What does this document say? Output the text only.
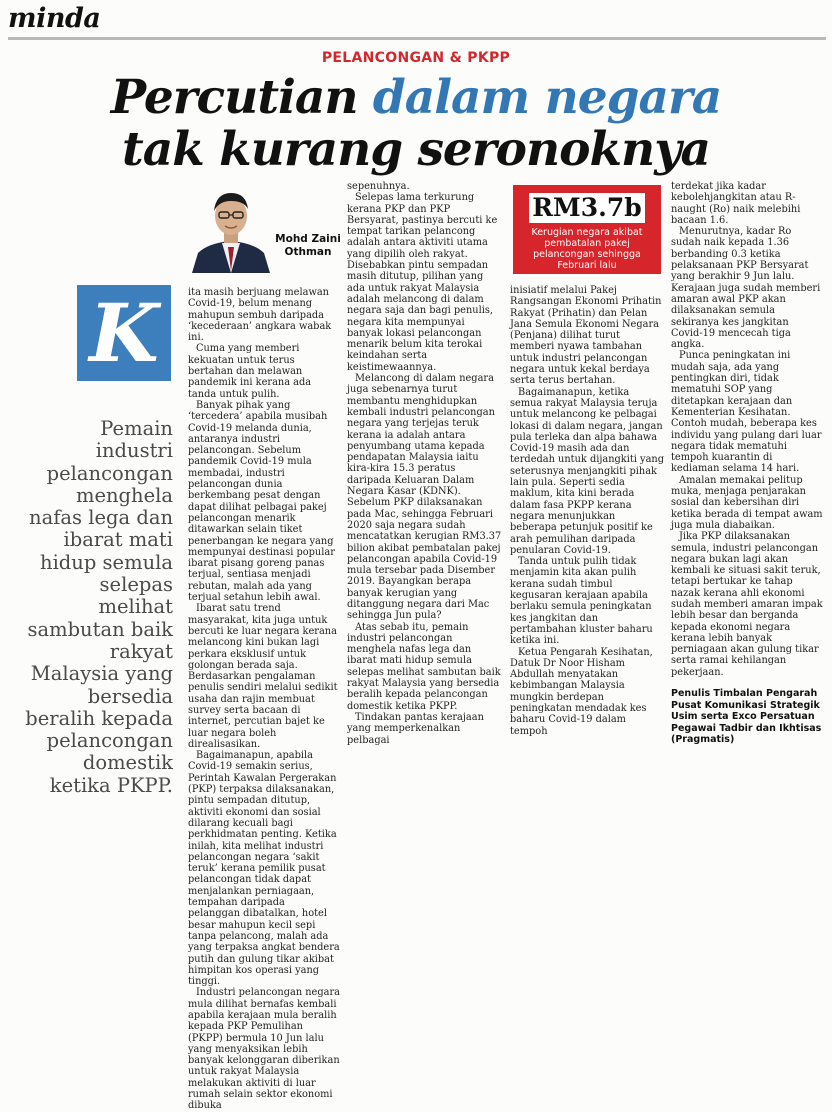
minda
PELANCONGAN & PKPP
Percutian dalam negara
tak kurang seronoknya
Mohd Zaini
Othman
K
Pemain industri pelancongan menghela nafas lega dan ibarat mati hidup semula selepas melihat sambutan baik rakyat Malaysia yang bersedia beralih kepada pelancongan domestik ketika PKPP.

ita masih berjuang melawan Covid-19, belum menang mahupun sembuh daripada ‘kecederaan’ angkara wabak ini.

Cuma yang memberi kekuatan untuk terus bertahan dan melawan pandemik ini kerana ada tanda untuk pulih.

Banyak pihak yang ‘tercedera’ apabila musibah Covid-19 melanda dunia, antaranya industri pelancongan. Sebelum pandemik Covid-19 mula membadai, industri pelancongan dunia berkembang pesat dengan dapat dilihat pelbagai pakej pelancongan menarik ditawarkan selain tiket penerbangan ke negara yang mempunyai destinasi popular ibarat pisang goreng panas terjual, sentiasa menjadi rebutan, malah ada yang terjual setahun lebih awal.

Ibarat satu trend masyarakat, kita juga untuk bercuti ke luar negara kerana melancong kini bukan lagi perkara eksklusif untuk golongan berada saja. Berdasarkan pengalaman penulis sendiri melalui sedikit usaha dan rajin membuat survey serta bacaan di internet, percutian bajet ke luar negara boleh direalisasikan.

Bagaimanapun, apabila Covid-19 semakin serius, Perintah Kawalan Pergerakan (PKP) terpaksa dilaksanakan, pintu sempadan ditutup, aktiviti ekonomi dan sosial dilarang kecuali bagi perkhidmatan penting. Ketika inilah, kita melihat industri pelancongan negara ‘sakit teruk’ kerana pemilik pusat pelancongan tidak dapat menjalankan perniagaan, tempahan daripada pelanggan dibatalkan, hotel besar mahupun kecil sepi tanpa pelancong, malah ada yang terpaksa angkat bendera putih dan gulung tikar akibat himpitan kos operasi yang tinggi.

Industri pelancongan negara mula dilihat bernafas kembali apabila kerajaan mula beralih kepada PKP Pemulihan (PKPP) bermula 10 Jun lalu yang menyaksikan lebih banyak kelonggaran diberikan untuk rakyat Malaysia melakukan aktiviti di luar rumah selain sektor ekonomi dibuka

sepenuhnya.

Selepas lama terkurung kerana PKP dan PKP Bersyarat, pastinya bercuti ke tempat tarikan pelancong adalah antara aktiviti utama yang dipilih oleh rakyat. Disebabkan pintu sempadan masih ditutup, pilihan yang ada untuk rakyat Malaysia adalah melancong di dalam negara saja dan bagi penulis, negara kita mempunyai banyak lokasi pelancongan menarik belum kita terokai keindahan serta keistimewaannya.

Melancong di dalam negara juga sebenarnya turut membantu menghidupkan kembali industri pelancongan negara yang terjejas teruk kerana ia adalah antara penyumbang utama kepada pendapatan Malaysia iaitu kira-kira 15.3 peratus daripada Keluaran Dalam Negara Kasar (KDNK). Sebelum PKP dilaksanakan pada Mac, sehingga Februari 2020 saja negara sudah mencatatkan kerugian RM3.37 bilion akibat pembatalan pakej pelancongan apabila Covid-19 mula tersebar pada Disember 2019. Bayangkan berapa banyak kerugian yang ditanggung negara dari Mac sehingga Jun pula?

Atas sebab itu, pemain industri pelancongan menghela nafas lega dan ibarat mati hidup semula selepas melihat sambutan baik rakyat Malaysia yang bersedia beralih kepada pelancongan domestik ketika PKPP.

Tindakan pantas kerajaan yang memperkenalkan pelbagai

RM3.7b
Kerugian negara akibat
pembatalan pakej
pelancongan sehingga
Februari lalu

inisiatif melalui Pakej Rangsangan Ekonomi Prihatin Rakyat (Prihatin) dan Pelan Jana Semula Ekonomi Negara (Penjana) dilihat turut memberi nyawa tambahan untuk industri pelancongan negara untuk kekal berdaya serta terus bertahan.

Bagaimanapun, ketika semua rakyat Malaysia teruja untuk melancong ke pelbagai lokasi di dalam negara, jangan pula terleka dan alpa bahawa Covid-19 masih ada dan terdedah untuk dijangkiti yang seterusnya menjangkiti pihak lain pula. Seperti sedia maklum, kita kini berada dalam fasa PKPP kerana negara menunjukkan beberapa petunjuk positif ke arah pemulihan daripada penularan Covid-19.

Tanda untuk pulih tidak menjamin kita akan pulih kerana sudah timbul kegusaran kerajaan apabila berlaku semula peningkatan kes jangkitan dan pertambahan kluster baharu ketika ini.

Ketua Pengarah Kesihatan, Datuk Dr Noor Hisham Abdullah menyatakan kebimbangan Malaysia mungkin berdepan peningkatan mendadak kes baharu Covid-19 dalam tempoh

terdekat jika kadar kebolehjangkitan atau R-naught (Ro) naik melebihi bacaan 1.6.

Menurutnya, kadar Ro sudah naik kepada 1.36 berbanding 0.3 ketika pelaksanaan PKP Bersyarat yang berakhir 9 Jun lalu. Kerajaan juga sudah memberi amaran awal PKP akan dilaksanakan semula sekiranya kes jangkitan Covid-19 mencecah tiga angka.

Punca peningkatan ini mudah saja, ada yang pentingkan diri, tidak mematuhi SOP yang ditetapkan kerajaan dan Kementerian Kesihatan. Contoh mudah, beberapa kes individu yang pulang dari luar negara tidak mematuhi tempoh kuarantin di kediaman selama 14 hari.

Amalan memakai pelitup muka, menjaga penjarakan sosial dan kebersihan diri ketika berada di tempat awam juga mula diabaikan.

Jika PKP dilaksanakan semula, industri pelancongan negara bukan lagi akan kembali ke situasi sakit teruk, tetapi bertukar ke tahap nazak kerana ahli ekonomi sudah memberi amaran impak lebih besar dan berganda kepada ekonomi negara kerana lebih banyak perniagaan akan gulung tikar serta ramai kehilangan pekerjaan.

Penulis Timbalan Pengarah Pusat Komunikasi Strategik Usim serta Exco Persatuan Pegawai Tadbir dan Ikhtisas (Pragmatis)
